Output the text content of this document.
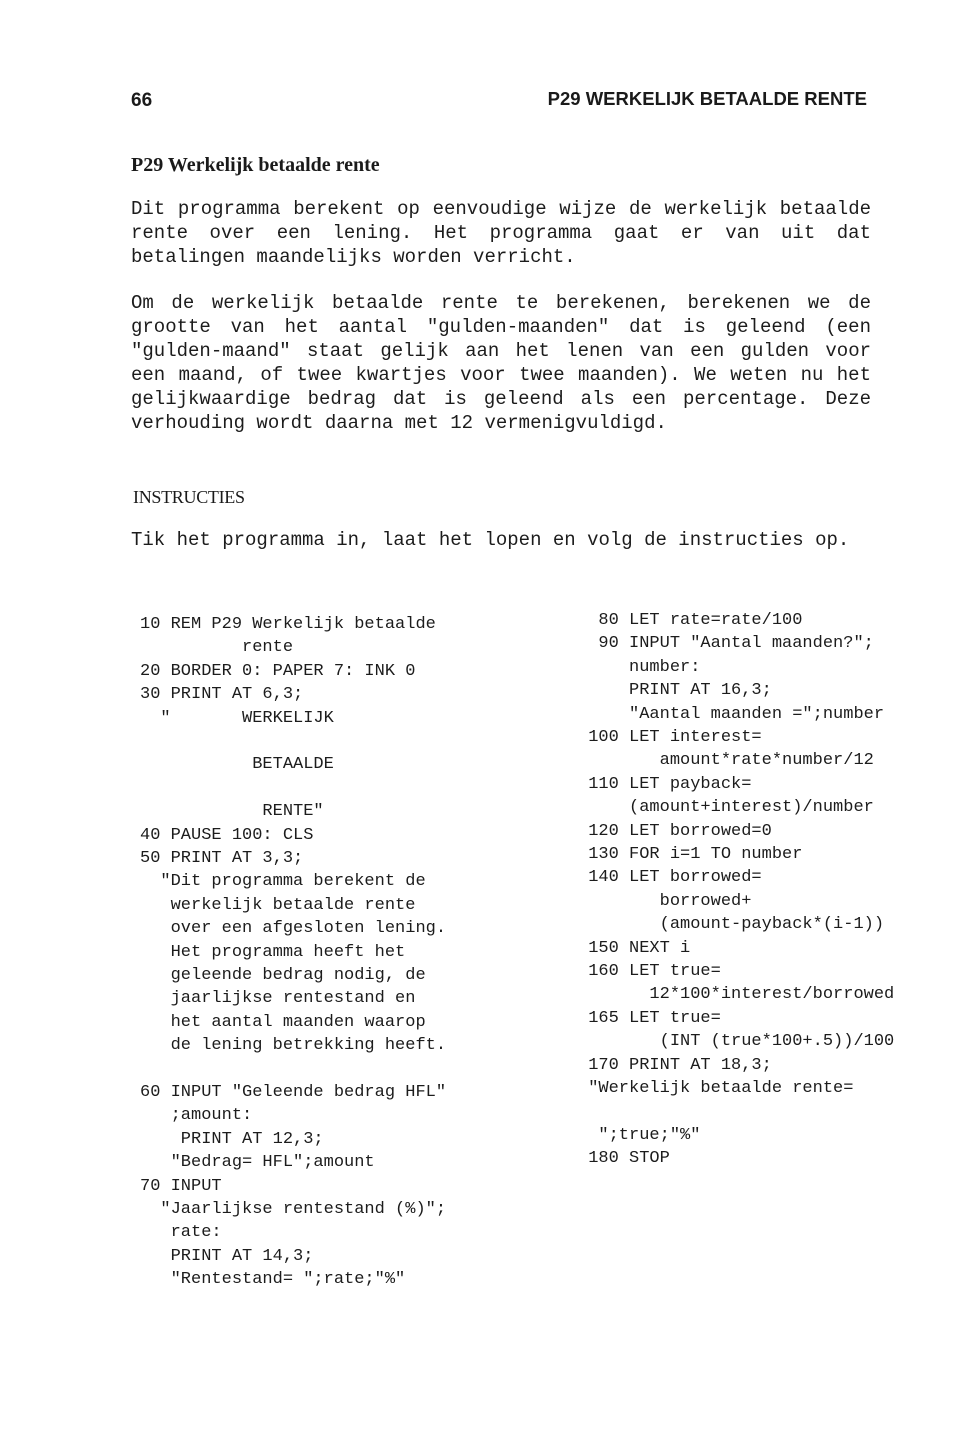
66	P29 WERKELIJK BETAALDE RENTE
P29 Werkelijk betaalde rente

Dit programma berekent op eenvoudige wijze de werkelijk betaalde rente over een lening. Het programma gaat er van uit dat betalingen maandelijks worden verricht.

Om de werkelijk betaalde rente te berekenen, berekenen we de grootte van het aantal "gulden-maanden" dat is geleend (een "gulden-maand" staat gelijk aan het lenen van een gulden voor een maand, of twee kwartjes voor twee maanden). We weten nu het gelijkwaardige bedrag dat is geleend als een percentage. Deze verhouding wordt daarna met 12 vermenigvuldigd.

INSTRUCTIES

Tik het programma in, laat het lopen en volg de instructies op.

10 REM P29 Werkelijk betaalde
rente
20 BORDER 0: PAPER 7: INK 0
30 PRINT AT 6,3;
"       WERKELIJK
BETAALDE
RENTE"
40 PAUSE 100: CLS
50 PRINT AT 3,3;
"Dit programma berekent de
werkelijk betaalde rente
over een afgesloten lening.
Het programma heeft het
geleende bedrag nodig, de
jaarlijkse rentestand en
het aantal maanden waarop
de lening betrekking heeft.
60 INPUT "Geleende bedrag HFL"
;amount:
PRINT AT 12,3;
"Bedrag= HFL";amount
70 INPUT
"Jaarlijkse rentestand (%)";
rate:
PRINT AT 14,3;
"Rentestand= ";rate;"%"
80 LET rate=rate/100
90 INPUT "Aantal maanden?";
number:
PRINT AT 16,3;
"Aantal maanden =";number
100 LET interest=
amount*rate*number/12
110 LET payback=
(amount+interest)/number
120 LET borrowed=0
130 FOR i=1 TO number
140 LET borrowed=
borrowed+
(amount-payback*(i-1))
150 NEXT i
160 LET true=
12*100*interest/borrowed
165 LET true=
(INT (true*100+.5))/100
170 PRINT AT 18,3;
"Werkelijk betaalde rente=
";true;"%"
180 STOP
